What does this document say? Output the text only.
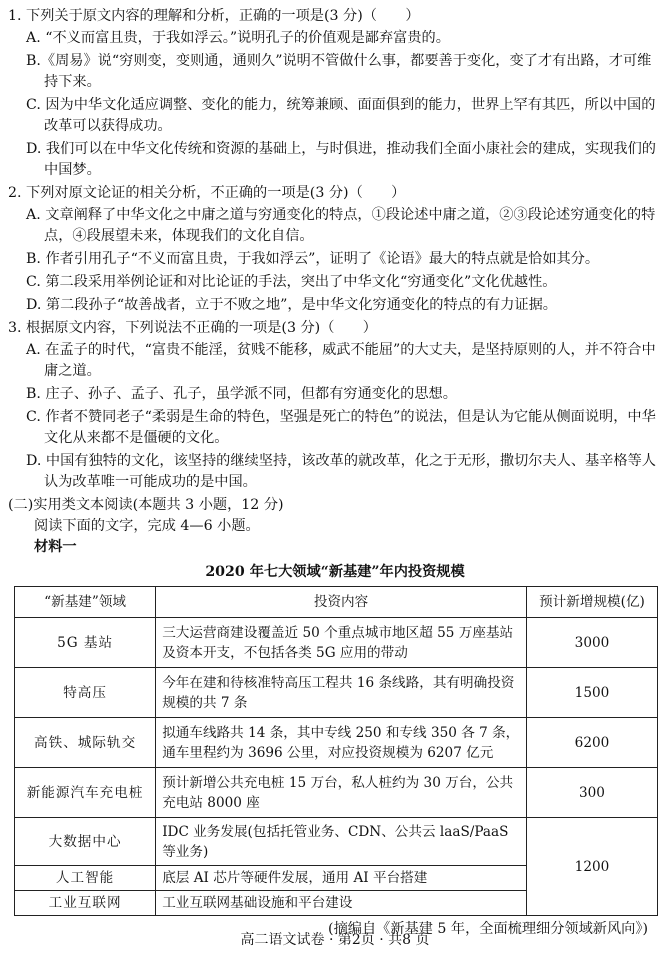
1. 下列关于原文内容的理解和分析，正确的一项是(3 分)（　　）
A. “不义而富且贵，于我如浮云。”说明孔子的价值观是鄙弃富贵的。
B.《周易》说“穷则变，变则通，通则久”说明不管做什么事，都要善于变化，变了才有出路，才可维持下来。
C. 因为中华文化适应调整、变化的能力，统筹兼顾、面面俱到的能力，世界上罕有其匹，所以中国的改革可以获得成功。
D. 我们可以在中华文化传统和资源的基础上，与时俱进，推动我们全面小康社会的建成，实现我们的中国梦。
2. 下列对原文论证的相关分析，不正确的一项是(3 分)（　　）
A. 文章阐释了中华文化之中庸之道与穷通变化的特点，①段论述中庸之道，②③段论述穷通变化的特点，④段展望未来，体现我们的文化自信。
B. 作者引用孔子“不义而富且贵，于我如浮云”，证明了《论语》最大的特点就是恰如其分。
C. 第二段采用举例论证和对比论证的手法，突出了中华文化“穷通变化”文化优越性。
D. 第二段孙子“故善战者，立于不败之地”，是中华文化穷通变化的特点的有力证据。
3. 根据原文内容，下列说法不正确的一项是(3 分)（　　）
A. 在孟子的时代，“富贵不能淫，贫贱不能移，威武不能屈”的大丈夫，是坚持原则的人，并不符合中庸之道。
B. 庄子、孙子、孟子、孔子，虽学派不同，但都有穷通变化的思想。
C. 作者不赞同老子“柔弱是生命的特色，坚强是死亡的特色”的说法，但是认为它能从侧面说明，中华文化从来都不是僵硬的文化。
D. 中国有独特的文化，该坚持的继续坚持，该改革的就改革，化之于无形，撒切尔夫人、基辛格等人认为改革唯一可能成功的是中国。
(二)实用类文本阅读(本题共 3 小题，12 分)
阅读下面的文字，完成 4—6 小题。
材料一
2020 年七大领域“新基建”年内投资规模
“新基建”领域	投资内容	预计新增规模(亿)
5G 基站	三大运营商建设覆盖近 50 个重点城市地区超 55 万座基站及资本开支，不包括各类 5G 应用的带动	3000
特高压	今年在建和待核准特高压工程共 16 条线路，其有明确投资规模的共 7 条	1500
高铁、城际轨交	拟通车线路共 14 条，其中专线 250 和专线 350 各 7 条，通车里程约为 3696 公里，对应投资规模为 6207 亿元	6200
新能源汽车充电桩	预计新增公共充电桩 15 万台，私人桩约为 30 万台，公共充电站 8000 座	300
大数据中心	IDC 业务发展(包括托管业务、CDN、公共云 laaS/PaaS 等业务)	1200
人工智能	底层 AI 芯片等硬件发展，通用 AI 平台搭建	
工业互联网	工业互联网基础设施和平台建设	
(摘编自《新基建 5 年，全面梳理细分领域新风向》)
高二语文试卷 · 第2页 · 共8 页
